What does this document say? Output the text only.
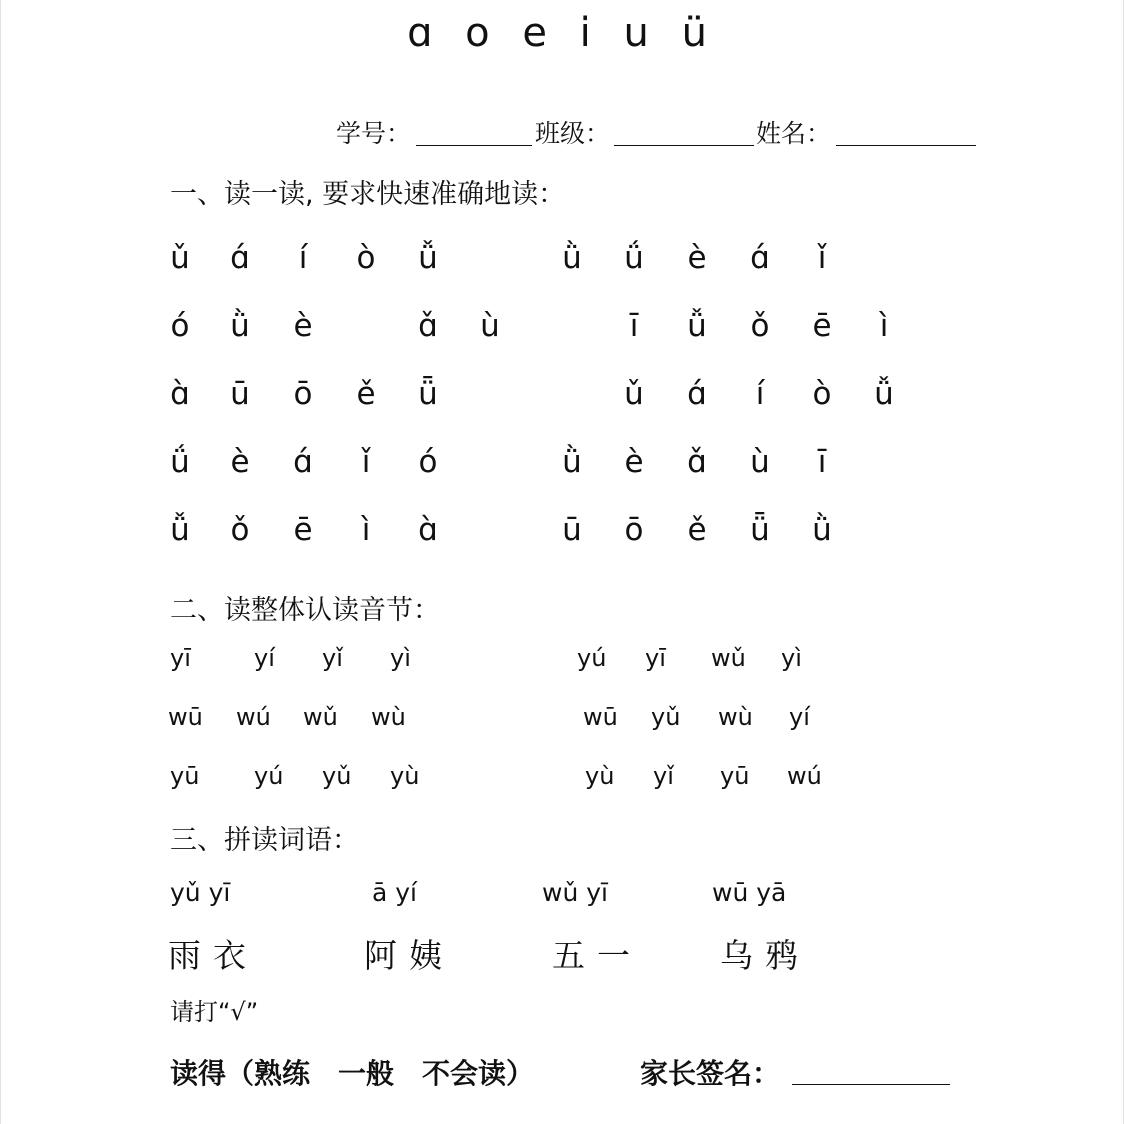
ɑ o e i u ü
学号：	班级：	姓名：
一、读一读, 要求快速准确地读：
ǔ	ɑ́	í	ò	ǚ	ǜ	ǘ	è	ɑ́	ǐ
ó	ǜ	è	ɑ̌	ù	ī	ǚ	ǒ	ē	ì
ɑ̀	ū	ō	ě	ǖ	ǔ	ɑ́	í	ò	ǚ
ǘ	è	ɑ́	ǐ	ó	ǜ	è	ɑ̌	ù	ī
ǚ	ǒ	ē	ì	ɑ̀	ū	ō	ě	ǖ	ǜ
二、读整体认读音节：
yī	yí yǐ yì	yú yī wǔ yì
wū wú wǔ wù	wū yǔ wù yí
yū yú yǔ yù	yù yǐ yū wú
三、拼读词语：
yǔ yī	ā yí	wǔ yī	wū yā
雨衣	阿姨	五一 乌鸦
请打“√”
读得（熟练　一般　不会读）	家长签名：
